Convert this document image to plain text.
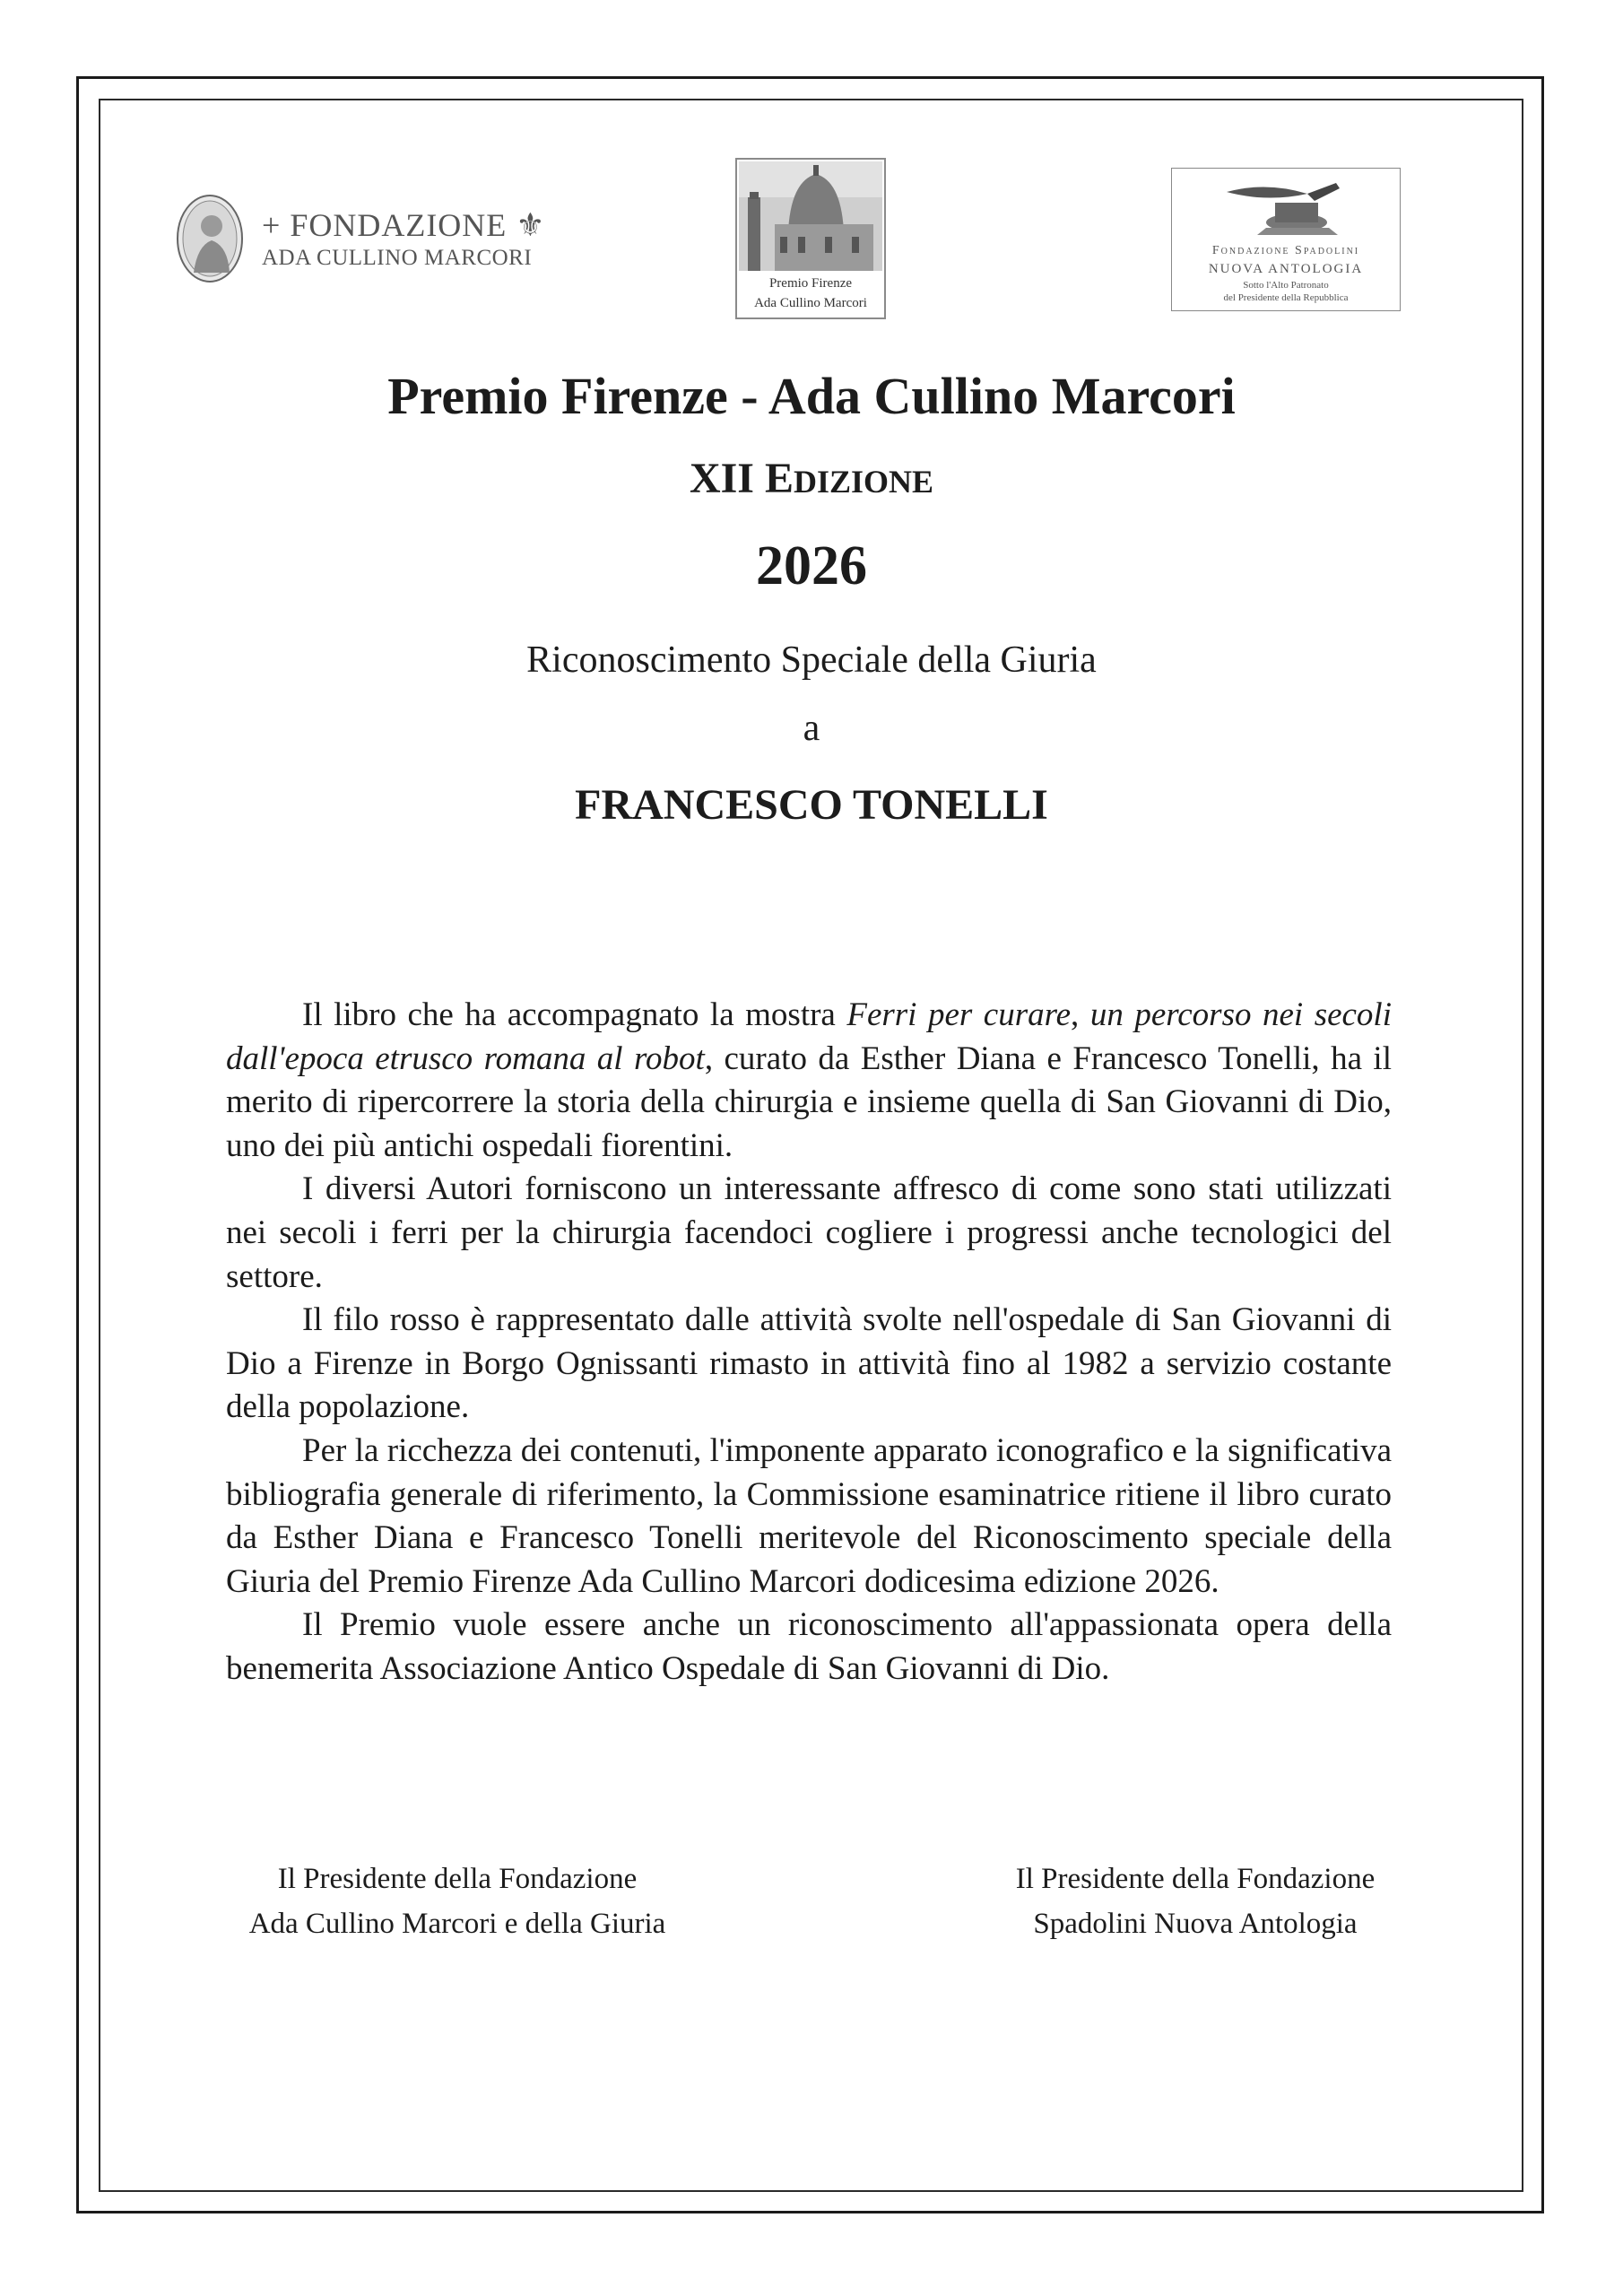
+ FONDAZIONE ⚜
ADA CULLINO MARCORI
Premio Firenze
Ada Cullino Marcori
Fondazione Spadolini
NUOVA ANTOLOGIA
Sotto l'Alto Patronato
del Presidente della Repubblica
Premio Firenze - Ada Cullino Marcori
XII EDIZIONE
2026
Riconoscimento Speciale della Giuria
a
FRANCESCO TONELLI

Il libro che ha accompagnato la mostra Ferri per curare, un percorso nei secoli dall'epoca etrusco romana al robot, curato da Esther Diana e Francesco Tonelli, ha il merito di ripercorrere la storia della chirurgia e insieme quella di San Giovanni di Dio, uno dei più antichi ospedali fiorentini.

I diversi Autori forniscono un interessante affresco di come sono stati utilizzati nei secoli i ferri per la chirurgia facendoci cogliere i progressi anche tecnologici del settore.

Il filo rosso è rappresentato dalle attività svolte nell'ospedale di San Giovanni di Dio a Firenze in Borgo Ognissanti rimasto in attività fino al 1982 a servizio costante della popolazione.

Per la ricchezza dei contenuti, l'imponente apparato iconografico e la significativa bibliografia generale di riferimento, la Commissione esaminatrice ritiene il libro curato da Esther Diana e Francesco Tonelli meritevole del Riconoscimento speciale della Giuria del Premio Firenze Ada Cullino Marcori dodicesima edizione 2026.

Il Premio vuole essere anche un riconoscimento all'appassionata opera della benemerita Associazione Antico Ospedale di San Giovanni di Dio.

Il Presidente della Fondazione
Ada Cullino Marcori e della Giuria
Il Presidente della Fondazione
Spadolini Nuova Antologia
